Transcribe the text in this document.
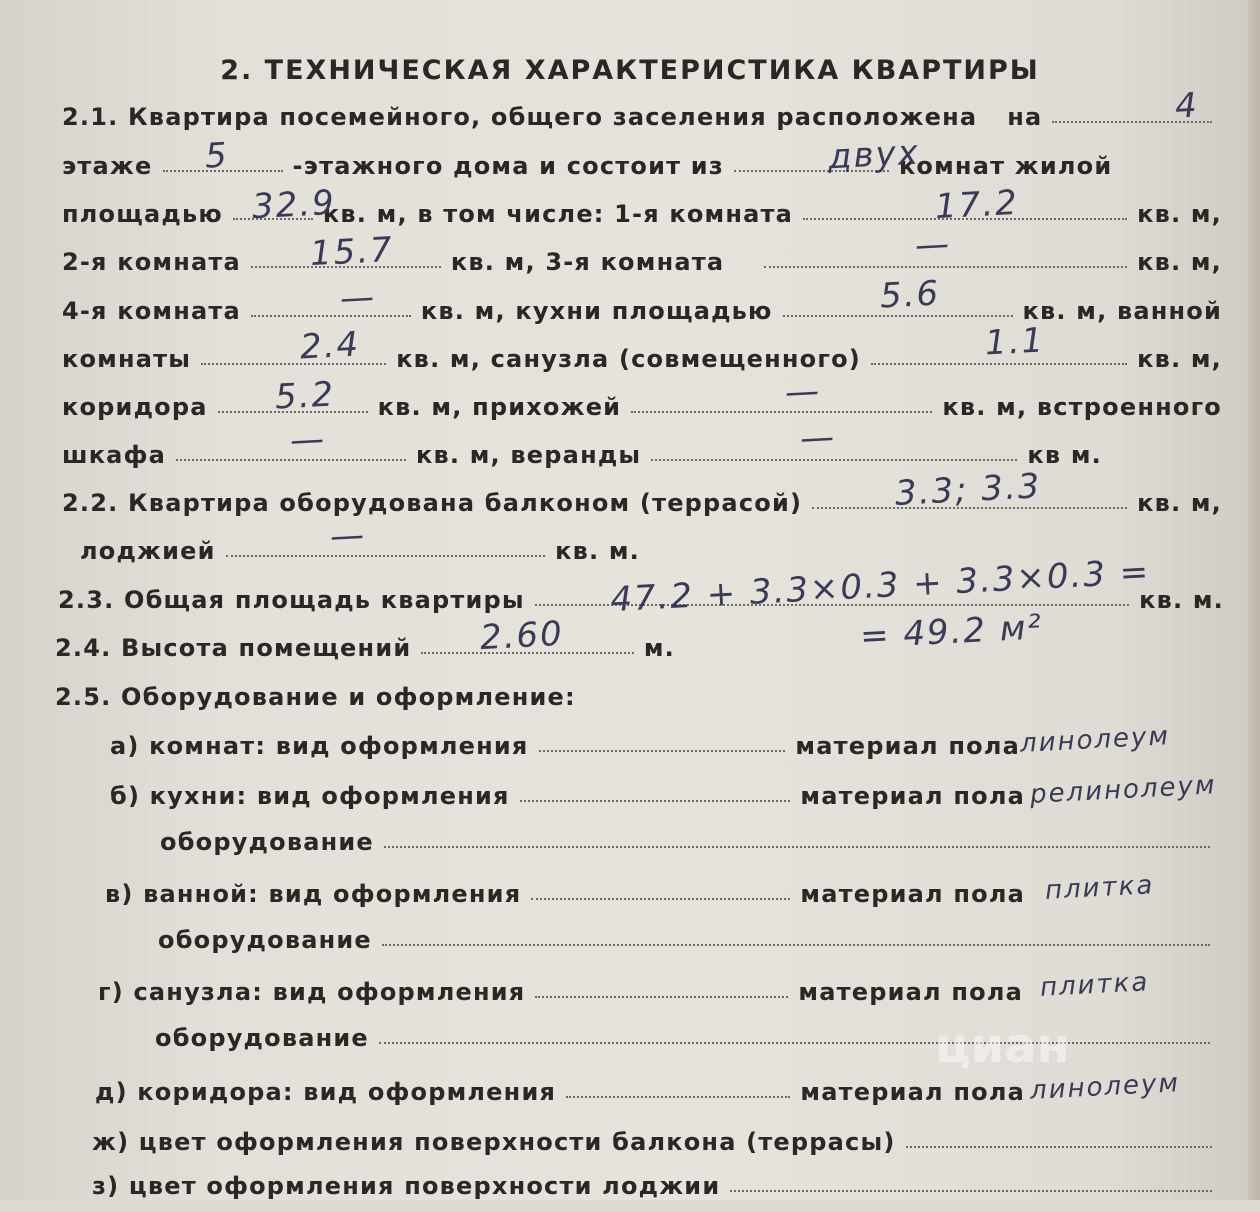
2. ТЕХНИЧЕСКАЯ ХАРАКТЕРИСТИКА КВАРТИРЫ
2.1. Квартира посемейного, общего заселения расположена на
этаже	-этажного дома и состоит из	комнат жилой
площадью	кв. м, в том числе: 1-я комната	кв. м,
2-я комната	кв. м, 3-я комната	кв. м,
4-я комната	кв. м, кухни площадью	кв. м, ванной
комнаты	кв. м, санузла (совмещенного)	кв. м,
коридора	кв. м, прихожей	кв. м, встроенного
шкафа	кв. м, веранды	кв м.
2.2. Квартира оборудована балконом (террасой)	кв. м,
лоджией	кв. м.
2.3. Общая площадь квартиры	кв. м.
2.4. Высота помещений	м.
2.5. Оборудование и оформление:
а) комнат: вид оформления	материал пола
б) кухни: вид оформления	материал пола
оборудование
в) ванной: вид оформления	материал пола
оборудование
г) санузла: вид оформления	материал пола
оборудование
д) коридора: вид оформления	материал пола
ж) цвет оформления поверхности балкона (террасы)
з) цвет оформления поверхности лоджии
4
5	двух
32.9	17.2
15.7	—
—	5.6
2.4	1.1
5.2	—
—	—
3.3; 3.3
—
47.2 + 3.3×0.3 + 3.3×0.3 =
= 49.2 м²
2.60
линолеум
релинолеум
плитка
плитка
линолеум
циан
